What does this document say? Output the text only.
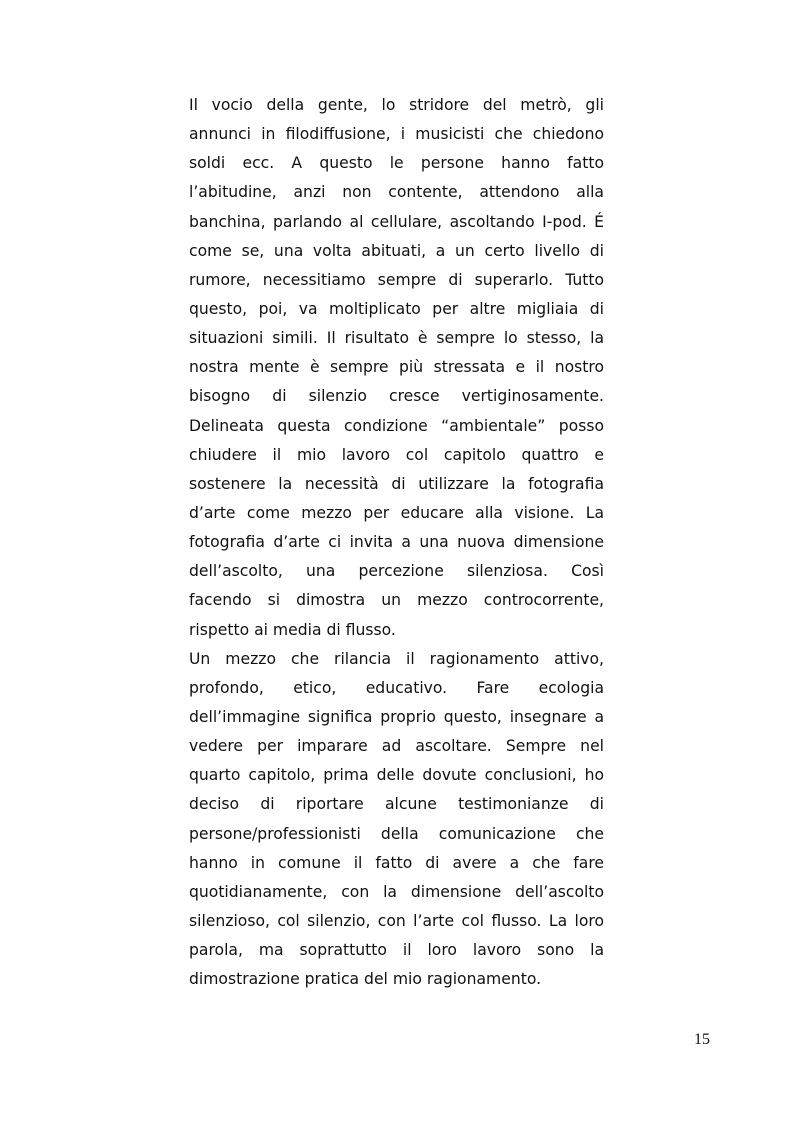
Il vocio della gente, lo stridore del metrò, gli
annunci in filodiffusione, i musicisti che chiedono
soldi ecc. A questo le persone hanno fatto
l’abitudine, anzi non contente, attendono alla
banchina, parlando al cellulare, ascoltando I-pod. É
come se, una volta abituati, a un certo livello di
rumore, necessitiamo sempre di superarlo. Tutto
questo, poi, va moltiplicato per altre migliaia di
situazioni simili. Il risultato è sempre lo stesso, la
nostra mente è sempre più stressata e il nostro
bisogno di silenzio cresce vertiginosamente.
Delineata questa condizione “ambientale” posso
chiudere il mio lavoro col capitolo quattro e
sostenere la necessità di utilizzare la fotografia
d’arte come mezzo per educare alla visione. La
fotografia d’arte ci invita a una nuova dimensione
dell’ascolto, una percezione silenziosa. Così
facendo si dimostra un mezzo controcorrente,
rispetto ai media di flusso.
Un mezzo che rilancia il ragionamento attivo,
profondo, etico, educativo. Fare ecologia
dell’immagine significa proprio questo, insegnare a
vedere per imparare ad ascoltare. Sempre nel
quarto capitolo, prima delle dovute conclusioni, ho
deciso di riportare alcune testimonianze di
persone/professionisti della comunicazione che
hanno in comune il fatto di avere a che fare
quotidianamente, con la dimensione dell’ascolto
silenzioso, col silenzio, con l’arte col flusso. La loro
parola, ma soprattutto il loro lavoro sono la
dimostrazione pratica del mio ragionamento.
15
